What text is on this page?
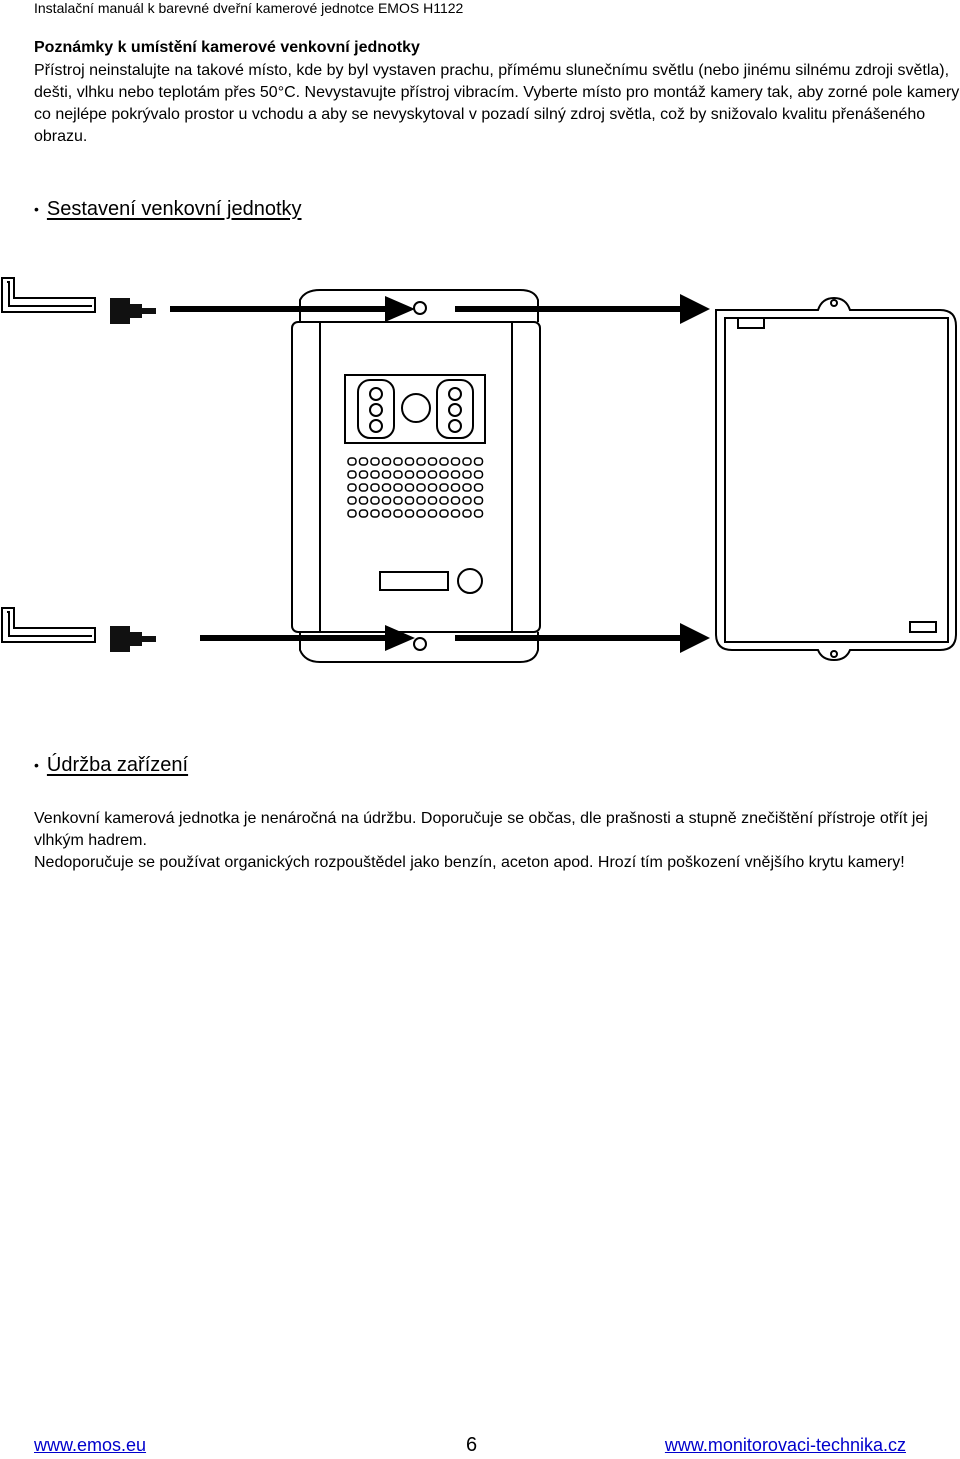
Instalační manuál k barevné dveřní kamerové jednotce EMOS H1122
Poznámky k umístění kamerové venkovní jednotky
Přístroj neinstalujte na takové místo, kde by byl vystaven prachu, přímému slunečnímu světlu (nebo jinému silnému zdroji světla), dešti, vlhku nebo teplotám přes 50°C. Nevystavujte přístroj vibracím. Vyberte místo pro montáž kamery tak, aby zorné pole kamery co nejlépe pokrývalo prostor u vchodu a aby se nevyskytoval v pozadí silný zdroj světla, což by snižovalo kvalitu přenášeného obrazu.
• Sestavení venkovní jednotky
• Údržba zařízení
Venkovní kamerová jednotka je nenáročná na údržbu. Doporučuje se občas, dle prašnosti a stupně znečištění přístroje otřít jej vlhkým hadrem.
Nedoporučuje se používat organických rozpouštědel jako benzín, aceton apod. Hrozí tím poškození vnějšího krytu kamery!
www.emos.eu	6	www.monitorovaci-technika.cz
